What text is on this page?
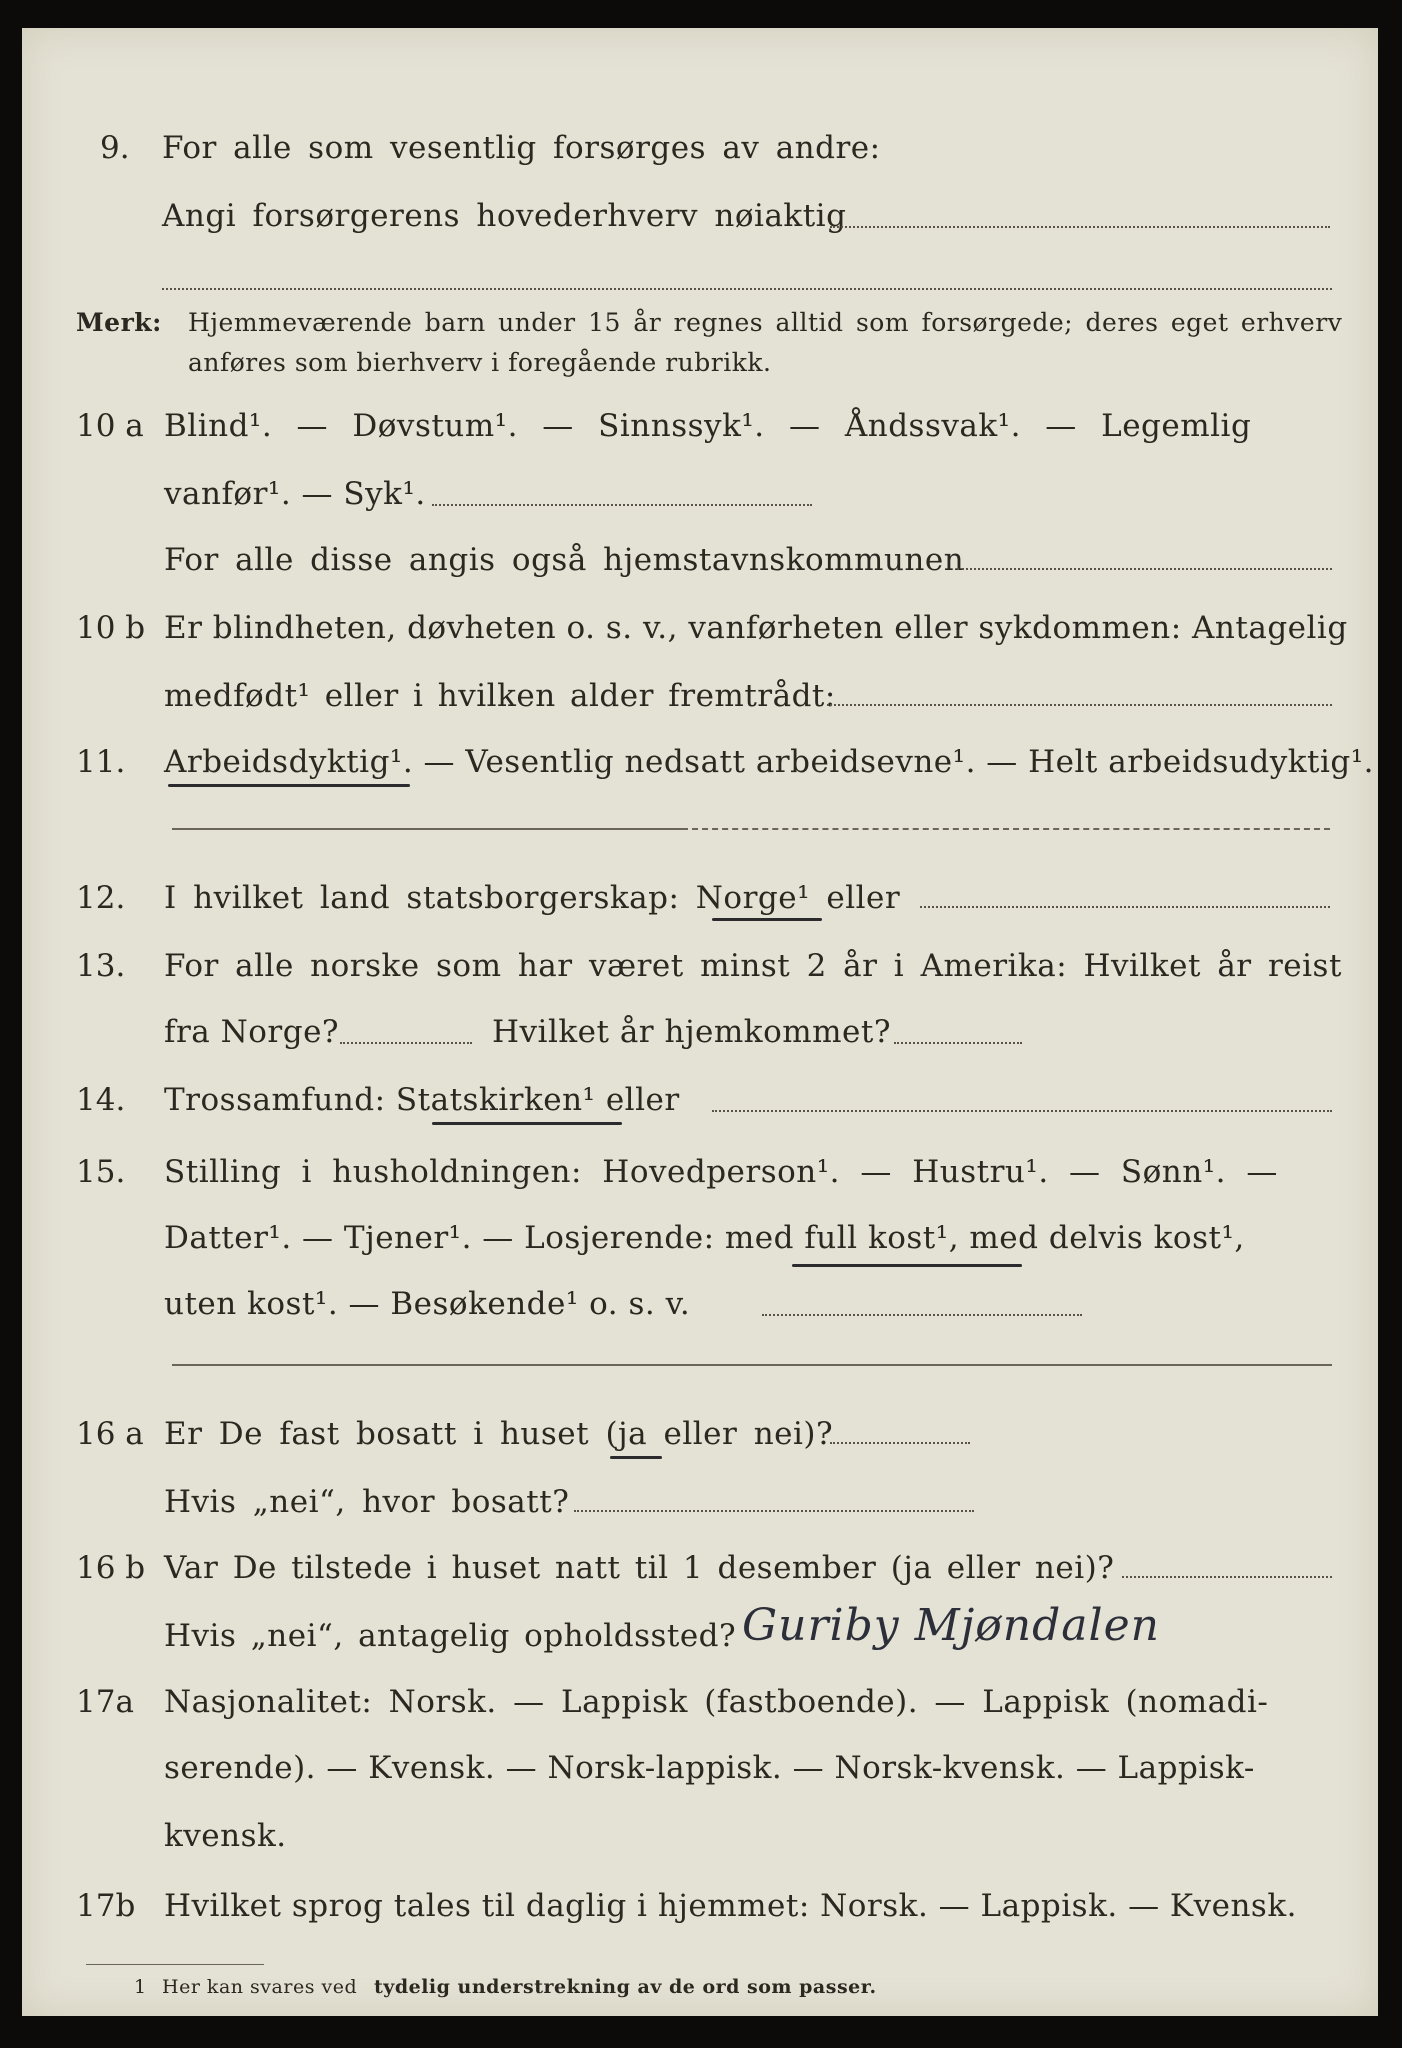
9. For alle som vesentlig forsørges av andre:
Angi forsørgerens hovederhverv nøiaktig
Merk: Hjemmeværende barn under 15 år regnes alltid som forsørgede; deres eget erhverv
anføres som bierhverv i foregående rubrikk.
10 a Blind¹. — Døvstum¹. — Sinnssyk¹. — Åndssvak¹. — Legemlig
vanfør¹. — Syk¹.
For alle disse angis også hjemstavnskommunen
10 b Er blindheten, døvheten o. s. v., vanførheten eller sykdommen: Antagelig
medfødt¹ eller i hvilken alder fremtrådt:
11. Arbeidsdyktig¹. — Vesentlig nedsatt arbeidsevne¹. — Helt arbeidsudyktig¹.
12. I hvilket land statsborgerskap: Norge¹ eller
13. For alle norske som har været minst 2 år i Amerika: Hvilket år reist
fra Norge?	Hvilket år hjemkommet?
14. Trossamfund: Statskirken¹ eller
15. Stilling i husholdningen: Hovedperson¹. — Hustru¹. — Sønn¹. —
Datter¹. — Tjener¹. — Losjerende: med full kost¹, med delvis kost¹,
uten kost¹. — Besøkende¹ o. s. v.
16 a Er De fast bosatt i huset (ja eller nei)?
Hvis „nei“, hvor bosatt?
16 b Var De tilstede i huset natt til 1 desember (ja eller nei)?
Hvis „nei“, antagelig opholdssted? Guriby Mjøndalen
17a Nasjonalitet: Norsk. — Lappisk (fastboende). — Lappisk (nomadi-
serende). — Kvensk. — Norsk-lappisk. — Norsk-kvensk. — Lappisk-
kvensk.
17b Hvilket sprog tales til daglig i hjemmet: Norsk. — Lappisk. — Kvensk.
1 Her kan svares ved tydelig understrekning av de ord som passer.
